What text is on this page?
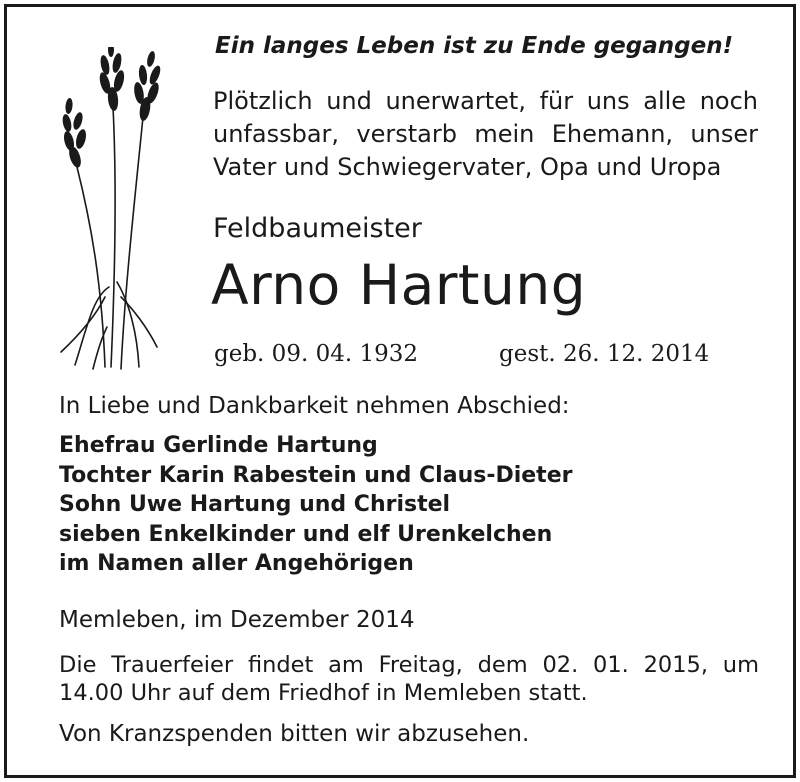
Ein langes Leben ist zu Ende gegangen!
Plötzlich und unerwartet, für uns alle noch
unfassbar, verstarb mein Ehemann, unser
Vater und Schwiegervater, Opa und Uropa
Feldbaumeister
Arno Hartung
geb. 09. 04. 1932	gest. 26. 12. 2014
In Liebe und Dankbarkeit nehmen Abschied:
Ehefrau Gerlinde Hartung
Tochter Karin Rabestein und Claus-Dieter
Sohn Uwe Hartung und Christel
sieben Enkelkinder und elf Urenkelchen
im Namen aller Angehörigen
Memleben, im Dezember 2014
Die Trauerfeier findet am Freitag, dem 02. 01. 2015, um
14.00 Uhr auf dem Friedhof in Memleben statt.
Von Kranzspenden bitten wir abzusehen.
